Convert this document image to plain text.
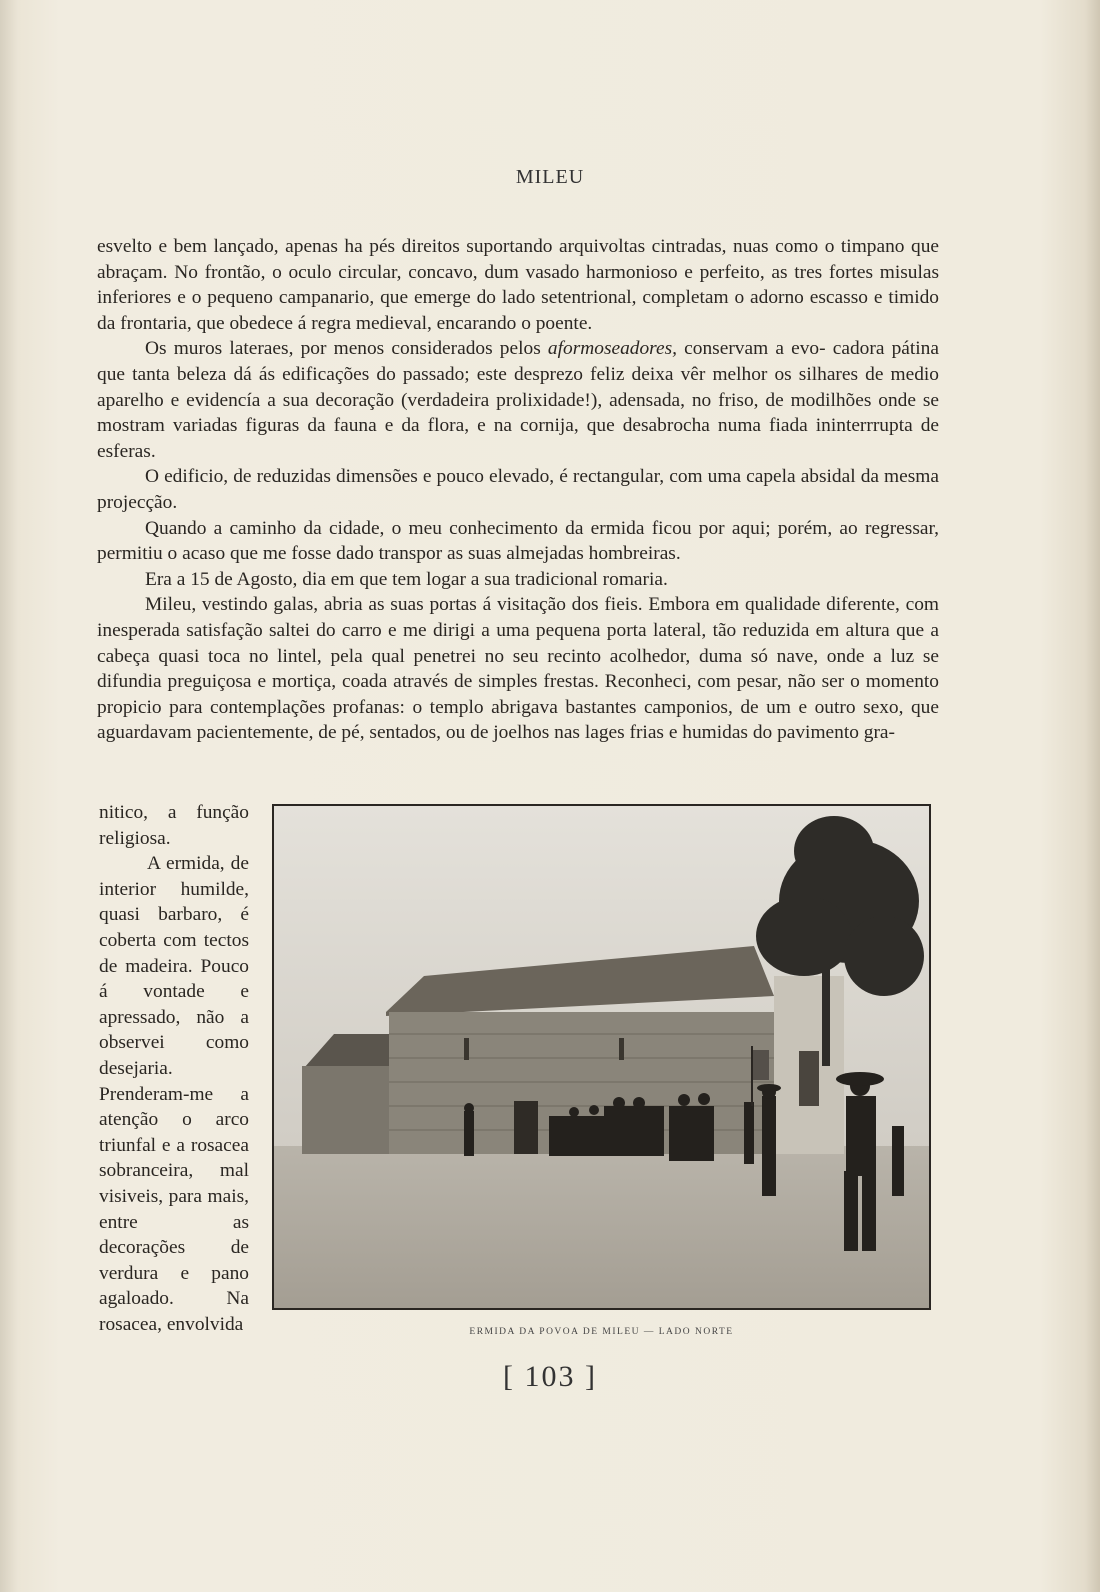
MILEU

esvelto e bem lançado, apenas ha pés direitos suportando arquivoltas cintradas, nuas como o timpano que abraçam. No frontão, o oculo circular, concavo, dum vasado harmonioso e perfeito, as tres fortes misulas inferiores e o pequeno campanario, que emerge do lado setentrional, completam o adorno escasso e timido da frontaria, que obedece á regra medieval, encarando o poente.

Os muros lateraes, por menos considerados pelos aformoseadores, conservam a evo- cadora pátina que tanta beleza dá ás edificações do passado; este desprezo feliz deixa vêr melhor os silhares de medio aparelho e evidencía a sua decoração (verdadeira prolixidade!), adensada, no friso, de modilhões onde se mostram variadas figuras da fauna e da flora, e na cornija, que desabrocha numa fiada ininterrrupta de esferas.

O edificio, de reduzidas dimensões e pouco elevado, é rectangular, com uma capela absidal da mesma projecção.

Quando a caminho da cidade, o meu conhecimento da ermida ficou por aqui; porém, ao regressar, permitiu o acaso que me fosse dado transpor as suas almejadas hombreiras.

Era a 15 de Agosto, dia em que tem logar a sua tradicional romaria.

Mileu, vestindo galas, abria as suas portas á visitação dos fieis. Embora em qualidade diferente, com inesperada satisfação saltei do carro e me dirigi a uma pequena porta lateral, tão reduzida em altura que a cabeça quasi toca no lintel, pela qual penetrei no seu recinto acolhedor, duma só nave, onde a luz se difundia preguiçosa e mortiça, coada através de simples frestas. Reconheci, com pesar, não ser o momento propicio para contemplações profanas: o templo abrigava bastantes camponios, de um e outro sexo, que aguardavam pacientemente, de pé, sentados, ou de joelhos nas lages frias e humidas do pavimento gra-

nitico, a função religiosa.

A ermida, de interior humilde, quasi barbaro, é coberta com tectos de madeira. Pouco á vontade e apressado, não a observei como desejaria. Prenderam-me a atenção o arco triunfal e a rosacea sobranceira, mal visiveis, para mais, entre as decorações de verdura e pano agaloado. Na rosacea, envolvida	ERMIDA DA POVOA DE MILEU — LADO NORTE
[ 103 ]
